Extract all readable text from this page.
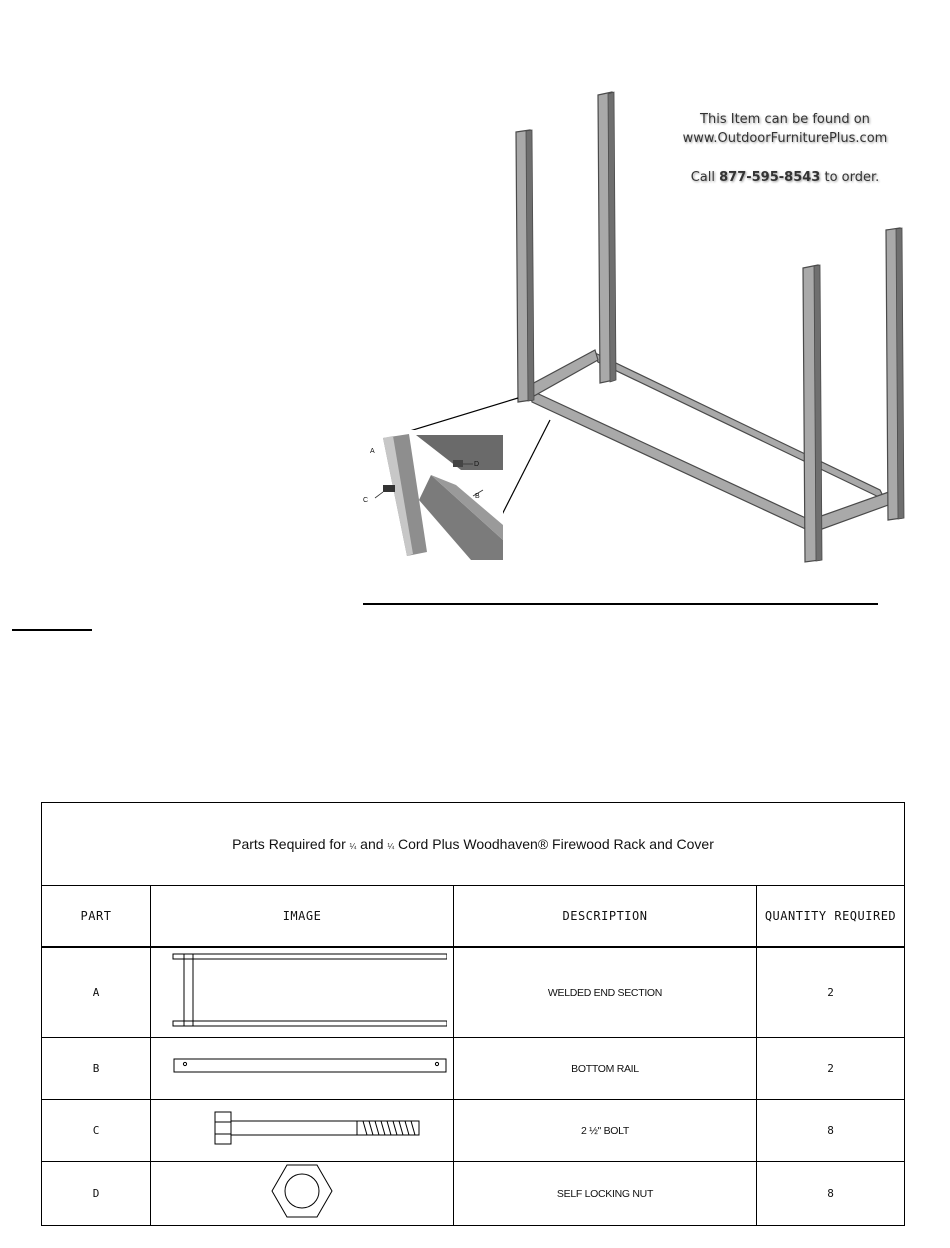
A
D
C
B
This Item can be found on
www.OutdoorFurniturePlus.com
Call 877-595-8543 to order.
Parts Required for ¼ and ¼ Cord Plus Woodhaven® Firewood Rack and Cover			
PART	IMAGE	DESCRIPTION	QUANTITY REQUIRED
A		WELDED END SECTION	2
B		BOTTOM RAIL	2
C		2 ½" BOLT	8
D		SELF LOCKING NUT	8
